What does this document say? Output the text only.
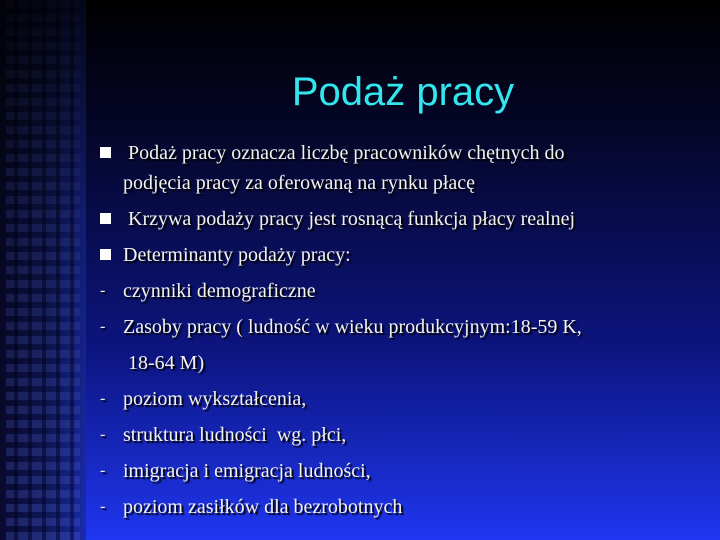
Podaż pracy
Podaż pracy oznacza liczbę pracowników chętnych do
podjęcia pracy za oferowaną na rynku płacę
Krzywa podaży pracy jest rosnącą funkcja płacy realnej
Determinanty podaży pracy:
- czynniki demograficzne
- Zasoby pracy ( ludność w wieku produkcyjnym:18-59 K,
18-64 M)
- poziom wykształcenia,
- struktura ludności  wg. płci,
- imigracja i emigracja ludności,
- poziom zasiłków dla bezrobotnych
